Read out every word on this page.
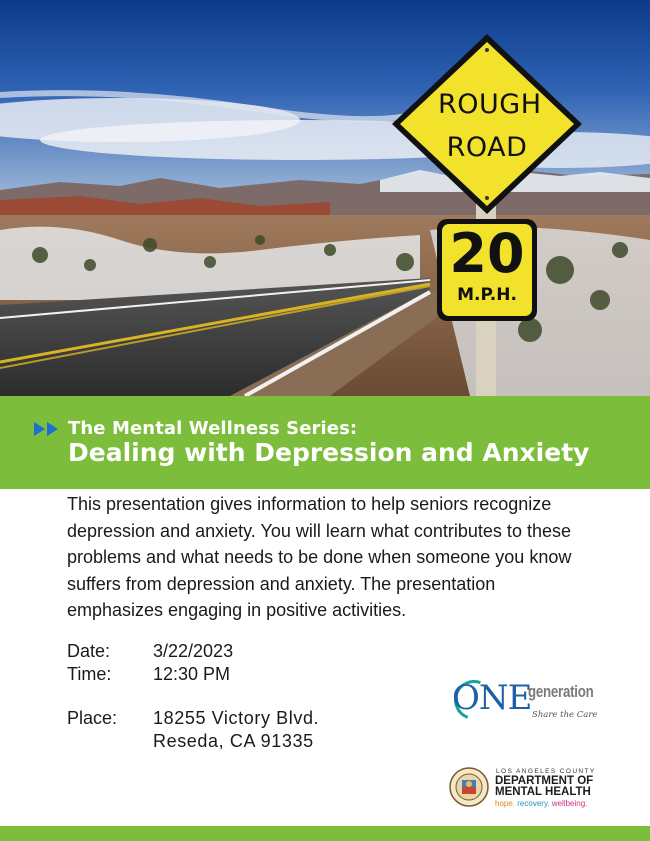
ROUGH
ROAD
20
M.P.H.
The Mental Wellness Series:
Dealing with Depression and Anxiety

This presentation gives information to help seniors recognize depression and anxiety. You will learn what contributes to these problems and what needs to be done when someone you know suffers from depression and anxiety. The presentation emphasizes engaging in positive activities.

Date: 3/22/2023
Time: 12:30 PM
Place: 18255 Victory Blvd.
Reseda, CA 91335
ONE
generation
Share the Care
LOS ANGELES COUNTY
DEPARTMENT OF
MENTAL HEALTH
hope. recovery. wellbeing.
